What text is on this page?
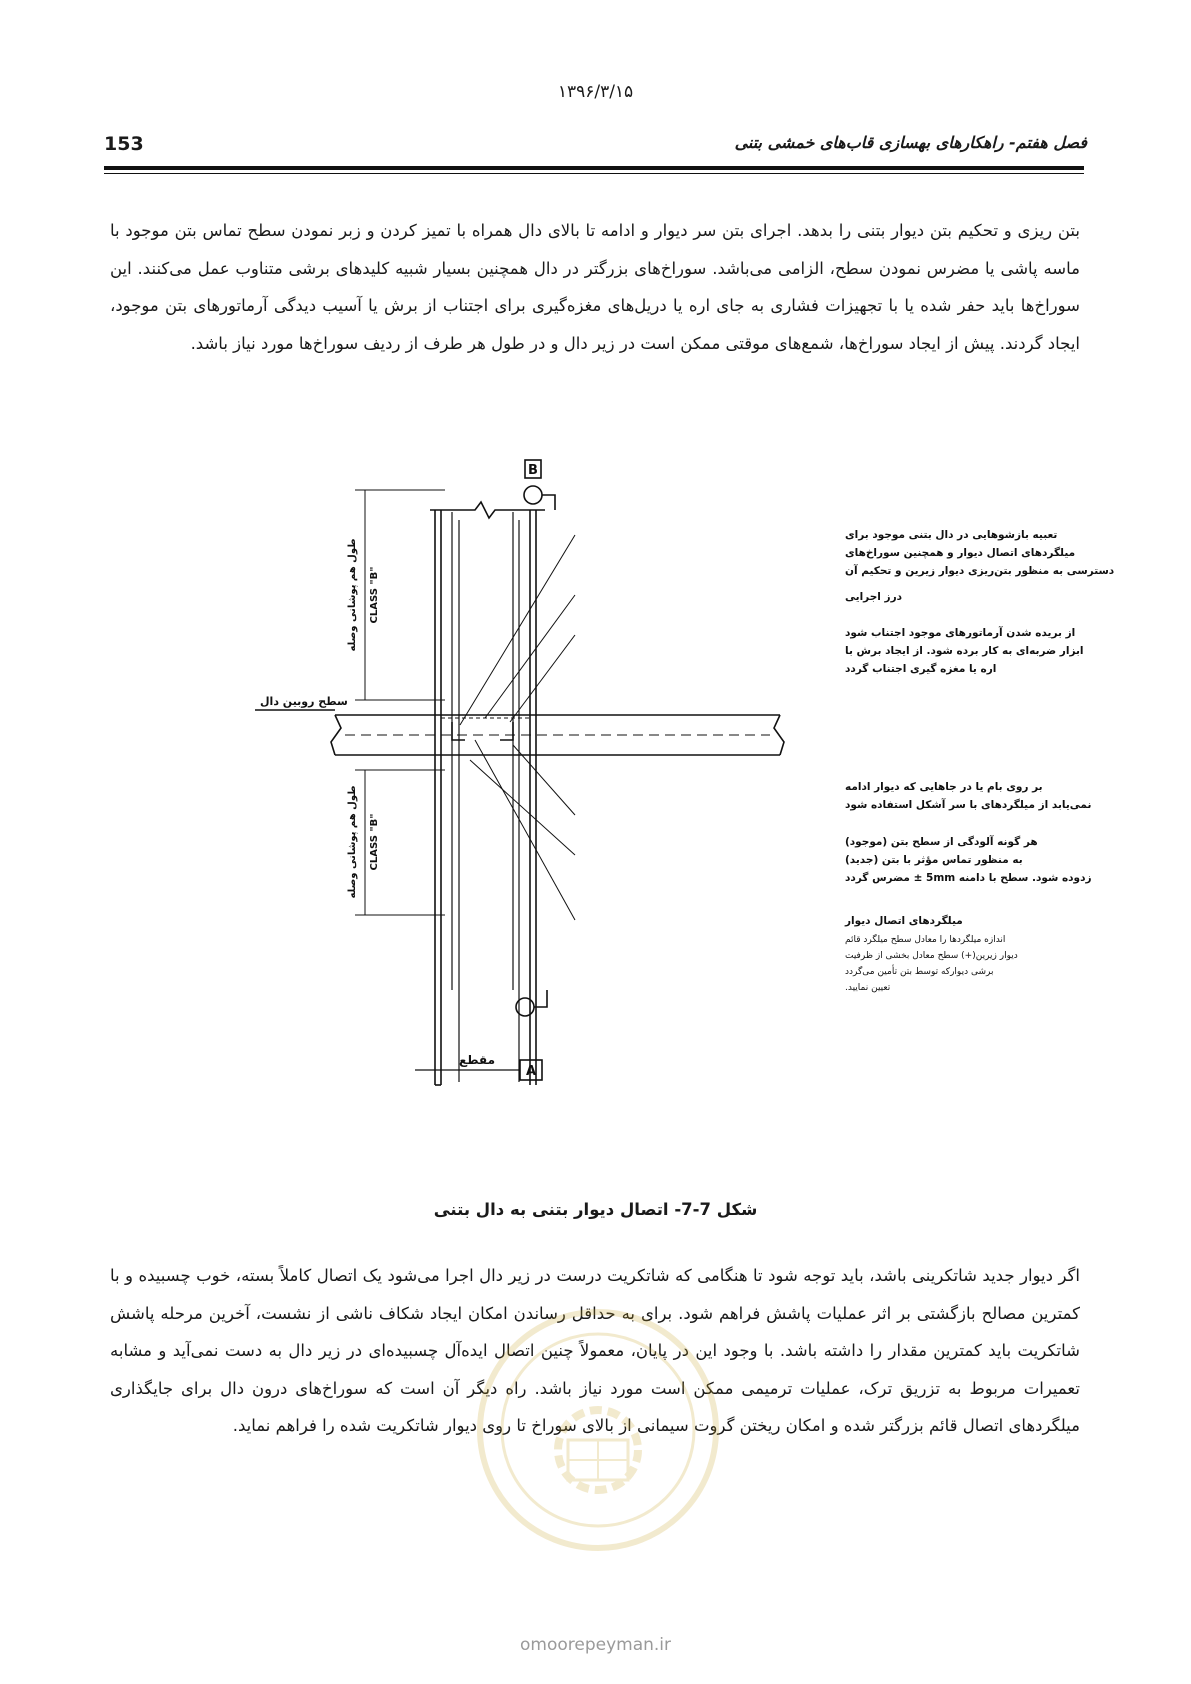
۱۳۹۶/۳/۱۵
153	فصل هفتم- راهکارهای بهسازی قاب‌های خمشی بتنی

بتن ریزی و تحکیم بتن دیوار بتنی را بدهد. اجرای بتن سر دیوار و ادامه تا بالای دال همراه با تمیز کردن و زبر نمودن سطح تماس بتن موجود با ماسه پاشی یا مضرس نمودن سطح، الزامی می‌باشد. سوراخ‌های بزرگتر در دال همچنین بسیار شبیه کلیدهای برشی متناوب عمل می‌کنند. این سوراخ‌ها باید حفر شده یا با تجهیزات فشاری به جای اره یا دریل‌های مغزه‌گیری برای اجتناب از برش یا آسیب دیدگی آرماتورهای بتن موجود، ایجاد گردند. پیش از ایجاد سوراخ‌ها، شمع‌های موقتی ممکن است در زیر دال و در طول هر طرف از ردیف سوراخ‌ها مورد نیاز باشد.

B
A
مقطع
سطح روبین دال
طول هم پوشانی وصله CLASS "B"
طول هم پوشانی وصله CLASS "B"
تعبیه بازشوهایی در دال بتنی موجود برای
میلگردهای اتصال دیوار و همچنین سوراخ‌های
دسترسی به منظور بتن‌ریزی دیوار زیرین و تحکیم آن
درز اجرایی
از بریده شدن آرماتورهای موجود اجتناب شود
ابزار ضربه‌ای به کار برده شود. از ایجاد برش با
اره یا مغزه گیری اجتناب گردد
بر روی بام یا در جاهایی که دیوار ادامه
نمی‌یابد از میلگردهای با سر آشکل استفاده شود
هر گونه آلودگی از سطح بتن (موجود)
به منظور تماس مؤثر با بتن (جدید)
زدوده شود. سطح با دامنه 5mm ± مضرس گردد
میلگردهای اتصال دیوار
اندازه میلگردها را معادل سطح میلگرد قائم
دیوار زیرین(+) سطح معادل بخشی از ظرفیت
برشی دیوارکه توسط بتن تأمین می‌گردد
تعیین نمایید.
شکل 7-7- اتصال دیوار بتنی به دال بتنی

اگر دیوار جدید شاتکرینی باشد، باید توجه شود تا هنگامی که شاتکریت درست در زیر دال اجرا می‌شود یک اتصال کاملاً بسته، خوب چسبیده و با کمترین مصالح بازگشتی بر اثر عملیات پاشش فراهم شود. برای به حداقل رساندن امکان ایجاد شکاف ناشی از نشست، آخرین مرحله پاشش شاتکریت باید کمترین مقدار را داشته باشد. با وجود این در پایان، معمولاً چنین اتصال ایده‌آل چسبیده‌ای در زیر دال به دست نمی‌آید و مشابه تعمیرات مربوط به تزریق ترک، عملیات ترمیمی ممکن است مورد نیاز باشد. راه دیگر آن است که سوراخ‌های درون دال برای جایگذاری میلگردهای اتصال قائم بزرگتر شده و امکان ریختن گروت سیمانی از بالای سوراخ تا روی دیوار شاتکریت شده را فراهم نماید.

omoorepeyman.ir
